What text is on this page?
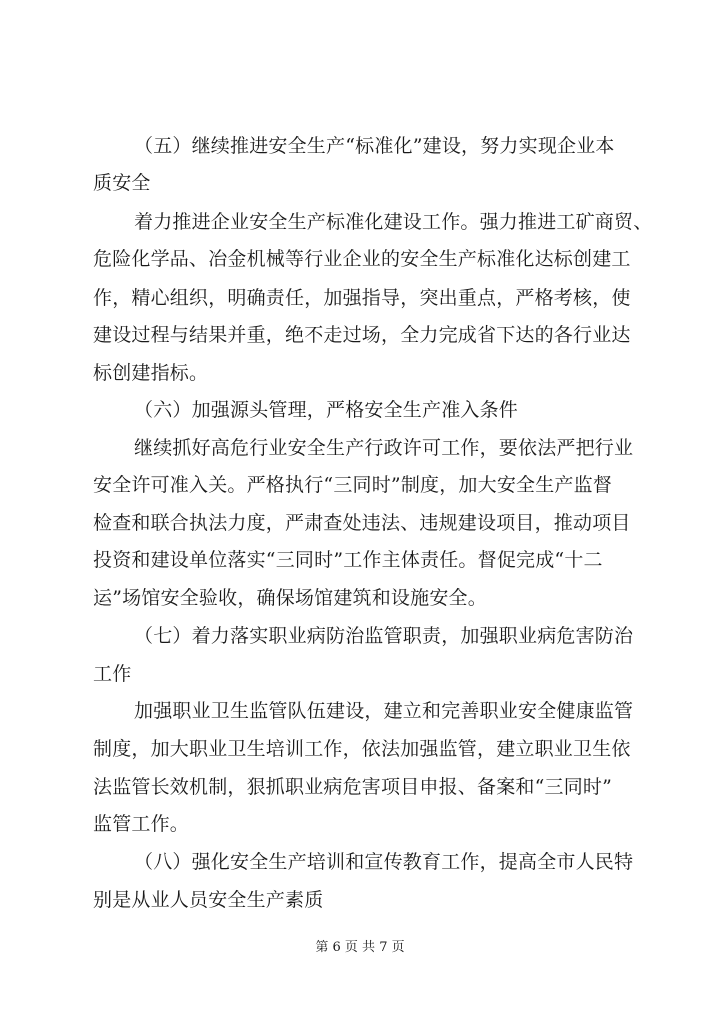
（五）继续推进安全生产“标准化”建设，努力实现企业本
质安全
着力推进企业安全生产标准化建设工作。强力推进工矿商贸、
危险化学品、冶金机械等行业企业的安全生产标准化达标创建工
作，精心组织，明确责任，加强指导，突出重点，严格考核，使
建设过程与结果并重，绝不走过场，全力完成省下达的各行业达
标创建指标。
（六）加强源头管理，严格安全生产准入条件
继续抓好高危行业安全生产行政许可工作，要依法严把行业
安全许可准入关。严格执行“三同时”制度，加大安全生产监督
检查和联合执法力度，严肃查处违法、违规建设项目，推动项目
投资和建设单位落实“三同时”工作主体责任。督促完成“十二
运”场馆安全验收，确保场馆建筑和设施安全。
（七）着力落实职业病防治监管职责，加强职业病危害防治
工作
加强职业卫生监管队伍建设，建立和完善职业安全健康监管
制度，加大职业卫生培训工作，依法加强监管，建立职业卫生依
法监管长效机制，狠抓职业病危害项目申报、备案和“三同时”
监管工作。
（八）强化安全生产培训和宣传教育工作，提高全市人民特
别是从业人员安全生产素质
第 6 页 共 7 页
